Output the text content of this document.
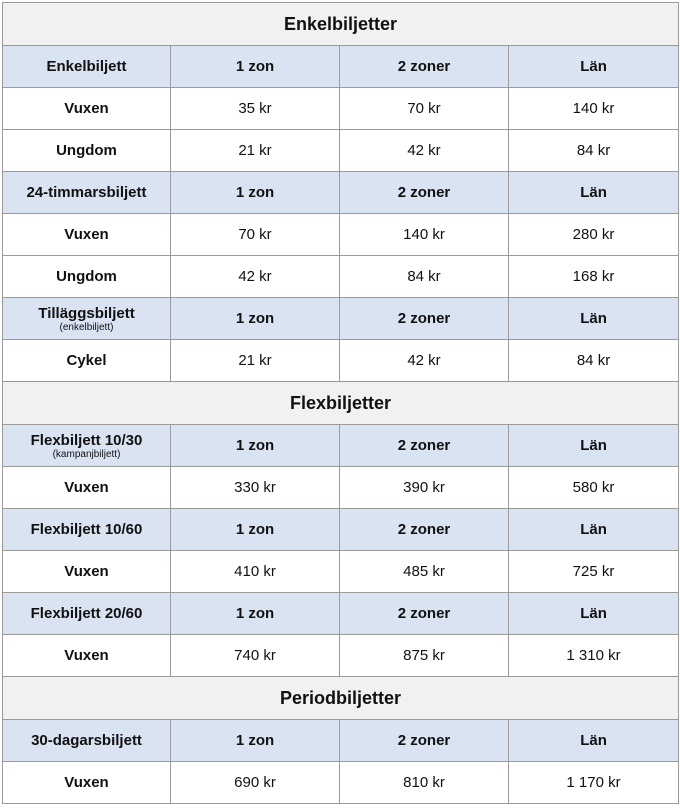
Enkelbiljetter			

Enkelbiljett	1 zon	2 zoner	Län
Vuxen	35 kr	70 kr	140 kr
Ungdom	21 kr	42 kr	84 kr

24-timmarsbiljett	1 zon	2 zoner	Län
Vuxen	70 kr	140 kr	280 kr
Ungdom	42 kr	84 kr	168 kr

Tilläggsbiljett
(enkelbiljett)	1 zon	2 zoner	Län
Cykel	21 kr	42 kr	84 kr
Flexbiljetter			

Flexbiljett 10/30
(kampanjbiljett)	1 zon	2 zoner	Län
Vuxen	330 kr	390 kr	580 kr

Flexbiljett 10/60	1 zon	2 zoner	Län
Vuxen	410 kr	485 kr	725 kr

Flexbiljett 20/60	1 zon	2 zoner	Län
Vuxen	740 kr	875 kr	1 310 kr
Periodbiljetter			

30-dagarsbiljett	1 zon	2 zoner	Län
Vuxen	690 kr	810 kr	1 170 kr
